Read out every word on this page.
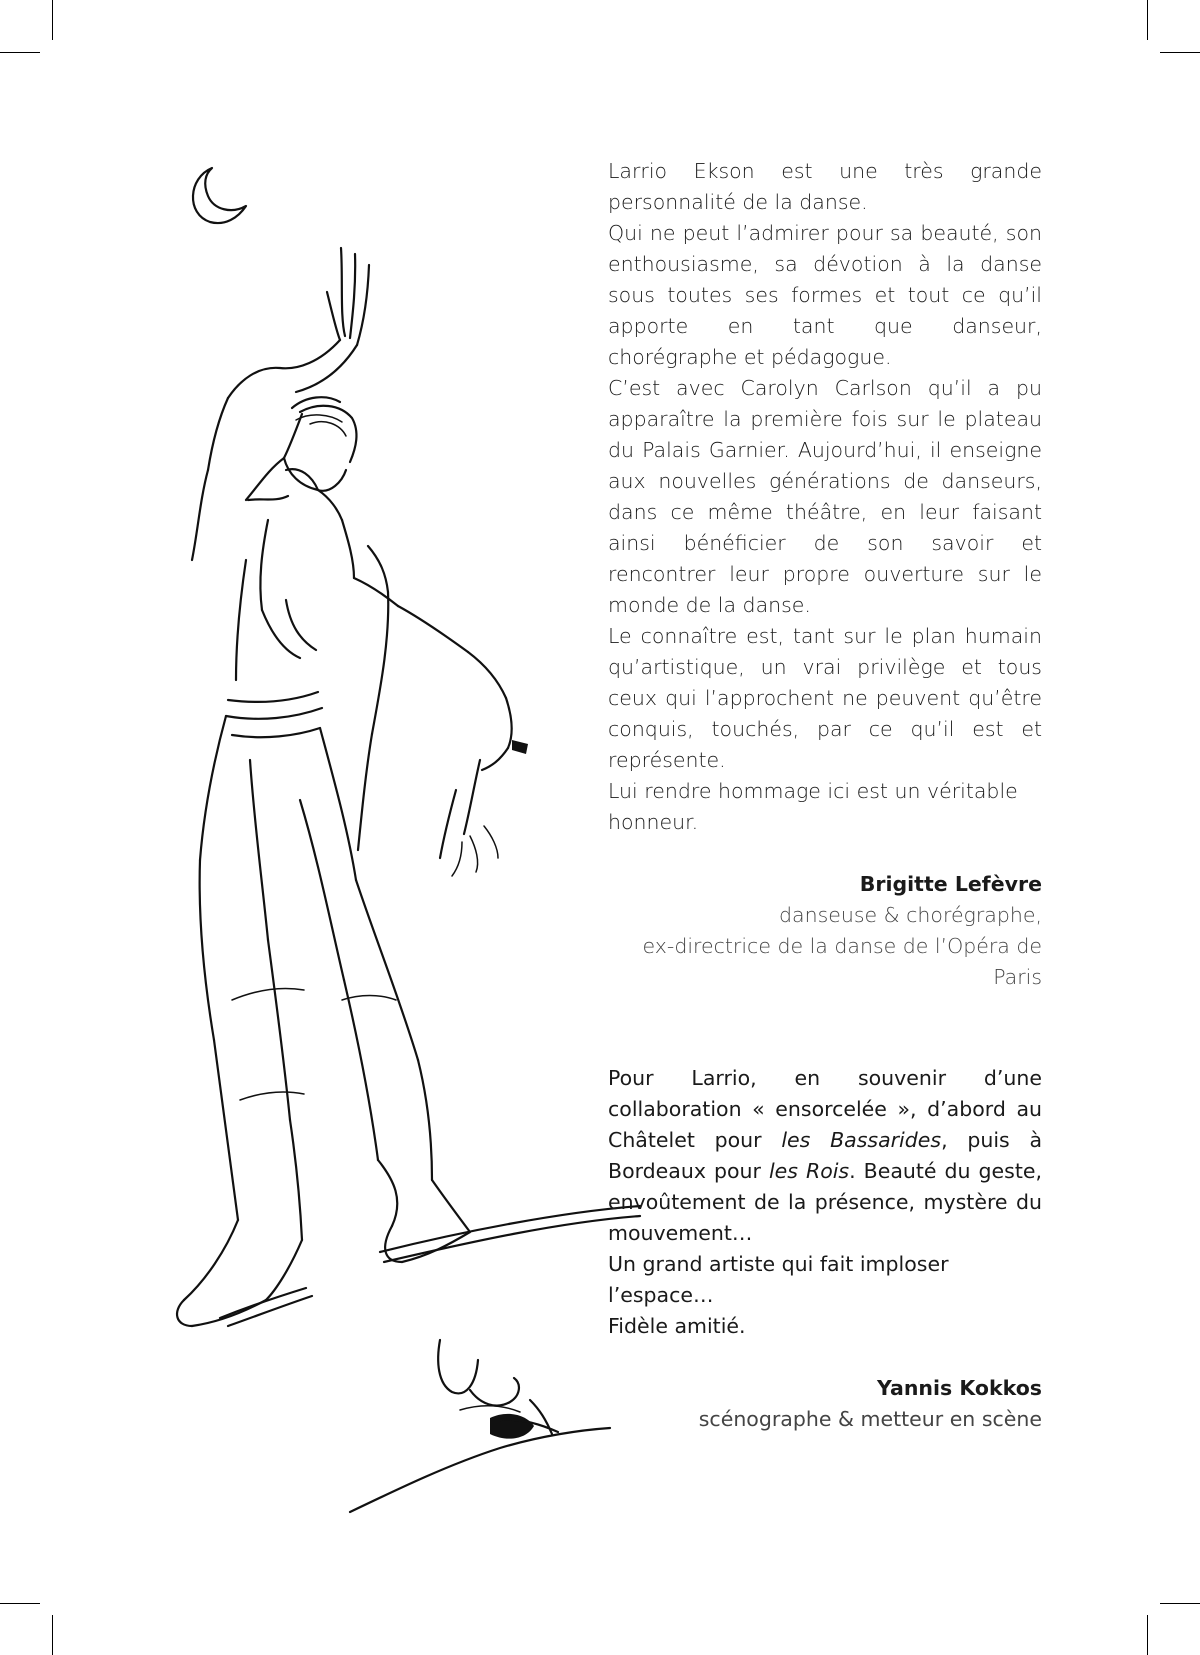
Larrio Ekson est une très grande personnalité de la danse.

Qui ne peut l’admirer pour sa beauté, son enthousiasme, sa dévotion à la danse sous toutes ses formes et tout ce qu’il apporte en tant que danseur, chorégraphe et pédagogue.

C’est avec Carolyn Carlson qu’il a pu apparaître la première fois sur le plateau du Palais Garnier. Aujourd’hui, il enseigne aux nouvelles générations de danseurs, dans ce même théâtre, en leur faisant ainsi bénéficier de son savoir et rencontrer leur propre ouverture sur le monde de la danse.

Le connaître est, tant sur le plan humain qu’artistique, un vrai privilège et tous ceux qui l’approchent ne peuvent qu’être conquis, touchés, par ce qu’il est et représente.

Lui rendre hommage ici est un véritable honneur.

Brigitte Lefèvre
danseuse & chorégraphe,
ex-directrice de la danse de l’Opéra de Paris

Pour Larrio, en souvenir d’une collaboration « ensorcelée », d’abord au Châtelet pour les Bassarides, puis à Bordeaux pour les Rois. Beauté du geste, envoûtement de la présence, mystère du mouvement…

Un grand artiste qui fait imploser l’espace…

Fidèle amitié.

Yannis Kokkos
scénographe & metteur en scène
